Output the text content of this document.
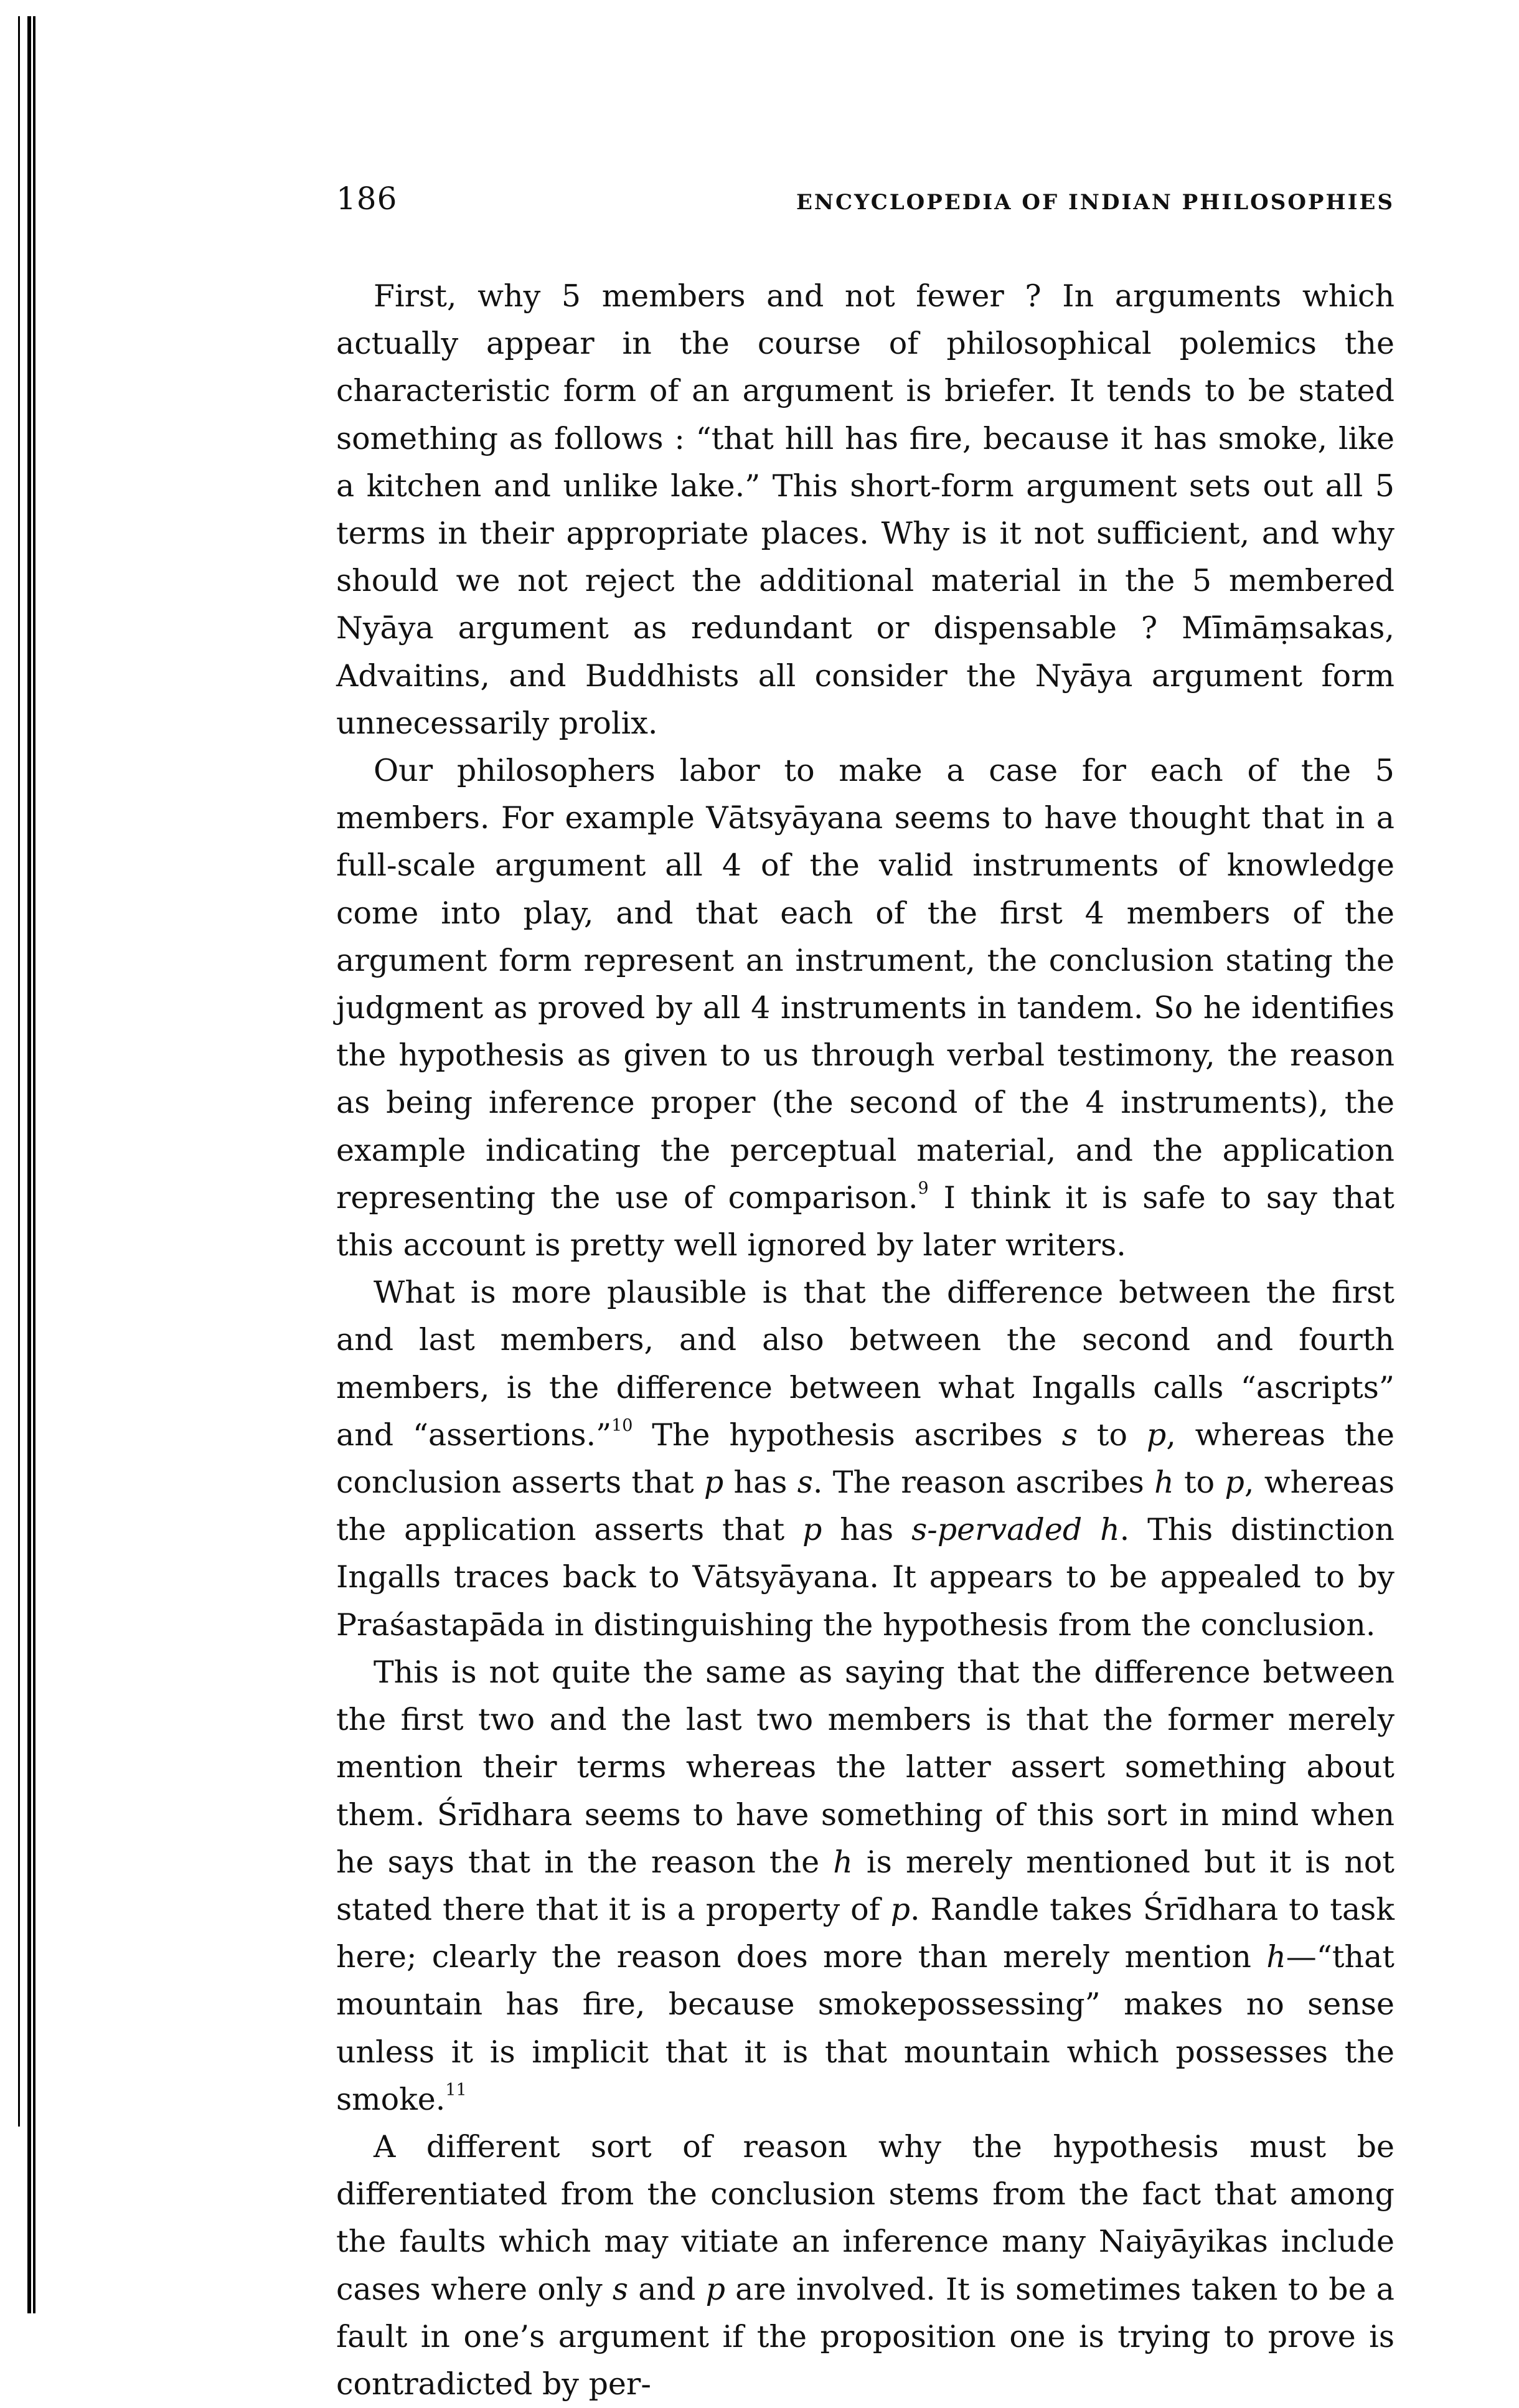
186	ENCYCLOPEDIA OF INDIAN PHILOSOPHIES

First, why 5 members and not fewer ? In arguments which actually appear in the course of philosophical polemics the characteristic form of an argument is briefer. It tends to be stated something as follows : “that hill has fire, because it has smoke, like a kitchen and unlike lake.” This short-form argument sets out all 5 terms in their appropriate places. Why is it not sufficient, and why should we not reject the additional material in the 5 membered Nyāya argument as redundant or dispensable ? Mīmāṃsakas, Advaitins, and Buddhists all consider the Nyāya argument form unnecessarily prolix.

Our philosophers labor to make a case for each of the 5 members. For example Vātsyāyana seems to have thought that in a full-scale argument all 4 of the valid instruments of knowledge come into play, and that each of the first 4 members of the argument form represent an instrument, the conclusion stating the judgment as proved by all 4 instruments in tandem. So he identifies the hypothesis as given to us through verbal testimony, the reason as being inference proper (the second of the 4 instruments), the example indicating the perceptual material, and the application representing the use of comparison.$^9$ I think it is safe to say that this account is pretty well ignored by later writers.

What is more plausible is that the difference between the first and last members, and also between the second and fourth members, is the difference between what Ingalls calls “ascripts” and “assertions.”$^{10}$ The hypothesis ascribes s to p, whereas the conclusion asserts that p has s. The reason ascribes h to p, whereas the application asserts that p has s-pervaded h. This distinction Ingalls traces back to Vātsyāyana. It appears to be appealed to by Praśastapāda in distinguishing the hypothesis from the conclusion.

This is not quite the same as saying that the difference between the first two and the last two members is that the former merely mention their terms whereas the latter assert something about them. Śrīdhara seems to have something of this sort in mind when he says that in the reason the h is merely mentioned but it is not stated there that it is a property of p. Randle takes Śrīdhara to task here; clearly the reason does more than merely mention h—“that mountain has fire, because smokepossessing” makes no sense unless it is implicit that it is that mountain which possesses the smoke.$^{11}$

A different sort of reason why the hypothesis must be differentiated from the conclusion stems from the fact that among the faults which may vitiate an inference many Naiyāyikas include cases where only s and p are involved. It is sometimes taken to be a fault in one’s argument if the proposition one is trying to prove is contradicted by per-
